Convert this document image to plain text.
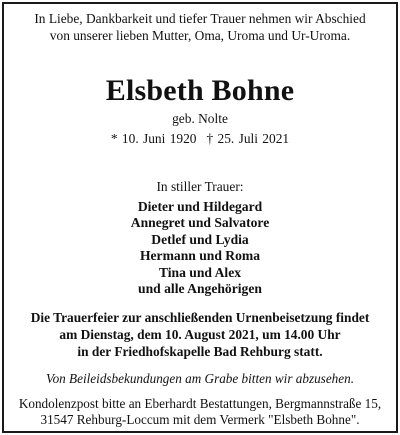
In Liebe, Dankbarkeit und tiefer Trauer nehmen wir Abschied
von unserer lieben Mutter, Oma, Uroma und Ur-Uroma.
Elsbeth Bohne
geb. Nolte
* 10. Juni 1920 † 25. Juli 2021
In stiller Trauer:
Dieter und Hildegard
Annegret und Salvatore
Detlef und Lydia
Hermann und Roma
Tina und Alex
und alle Angehörigen
Die Trauerfeier zur anschließenden Urnenbeisetzung findet
am Dienstag, dem 10. August 2021, um 14.00 Uhr
in der Friedhofskapelle Bad Rehburg statt.
Von Beileidsbekundungen am Grabe bitten wir abzusehen.
Kondolenzpost bitte an Eberhardt Bestattungen, Bergmannstraße 15,
31547 Rehburg-Loccum mit dem Vermerk "Elsbeth Bohne".
